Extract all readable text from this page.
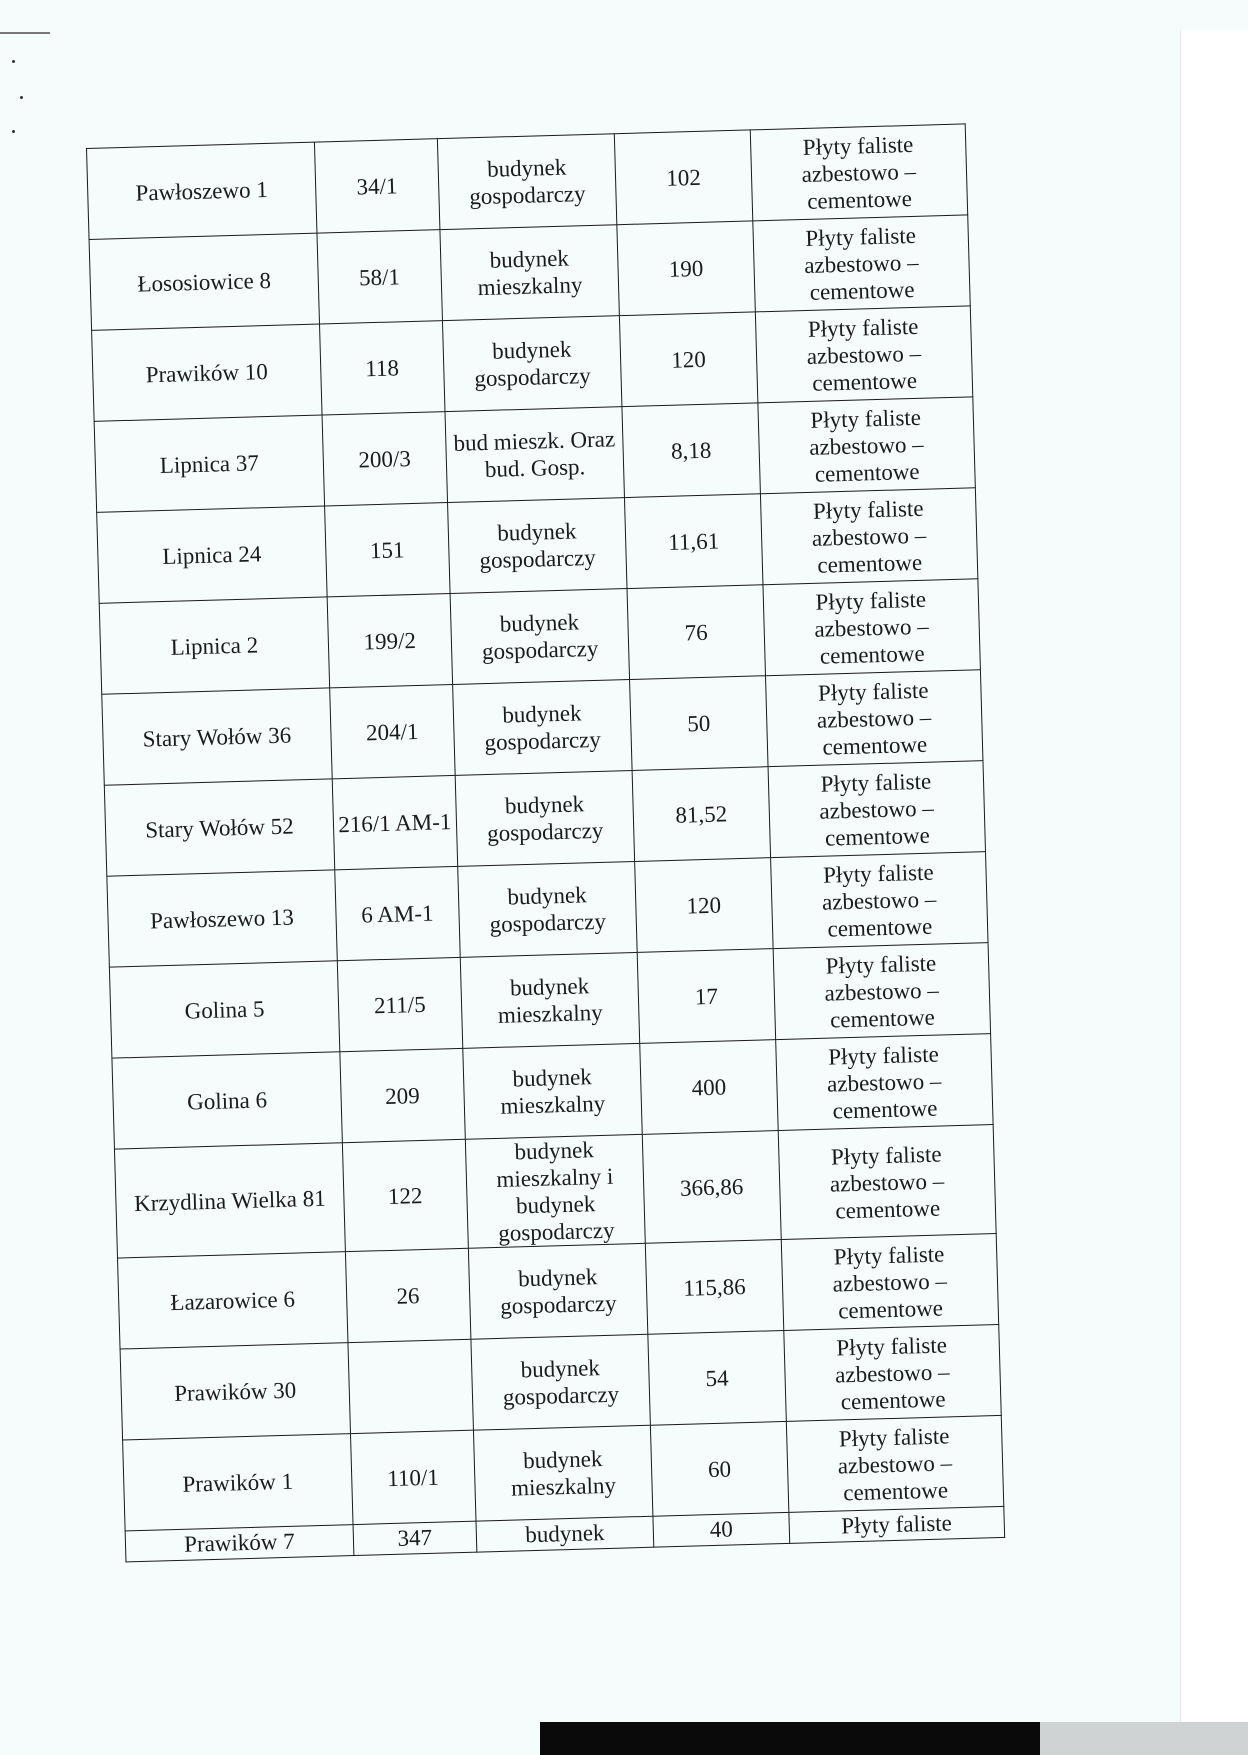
Pawłoszewo 1	34/1	budynek gospodarczy	102	Płyty faliste azbestowo – cementowe
Łososiowice 8	58/1	budynek mieszkalny	190	Płyty faliste azbestowo – cementowe
Prawików 10	118	budynek gospodarczy	120	Płyty faliste azbestowo – cementowe
Lipnica 37	200/3	bud mieszk. Oraz bud. Gosp.	8,18	Płyty faliste azbestowo – cementowe
Lipnica 24	151	budynek gospodarczy	11,61	Płyty faliste azbestowo – cementowe
Lipnica 2	199/2	budynek gospodarczy	76	Płyty faliste azbestowo – cementowe
Stary Wołów 36	204/1	budynek gospodarczy	50	Płyty faliste azbestowo – cementowe
Stary Wołów 52	216/1 AM-1	budynek gospodarczy	81,52	Płyty faliste azbestowo – cementowe
Pawłoszewo 13	6 AM-1	budynek gospodarczy	120	Płyty faliste azbestowo – cementowe
Golina 5	211/5	budynek mieszkalny	17	Płyty faliste azbestowo – cementowe
Golina 6	209	budynek mieszkalny	400	Płyty faliste azbestowo – cementowe
Krzydlina Wielka 81	122	budynek mieszkalny i budynek gospodarczy	366,86	Płyty faliste azbestowo – cementowe
Łazarowice 6	26	budynek gospodarczy	115,86	Płyty faliste azbestowo – cementowe
Prawików 30		budynek gospodarczy	54	Płyty faliste azbestowo – cementowe
Prawików 1	110/1	budynek mieszkalny	60	Płyty faliste azbestowo – cementowe
Prawików 7	347	budynek	40	Płyty faliste
